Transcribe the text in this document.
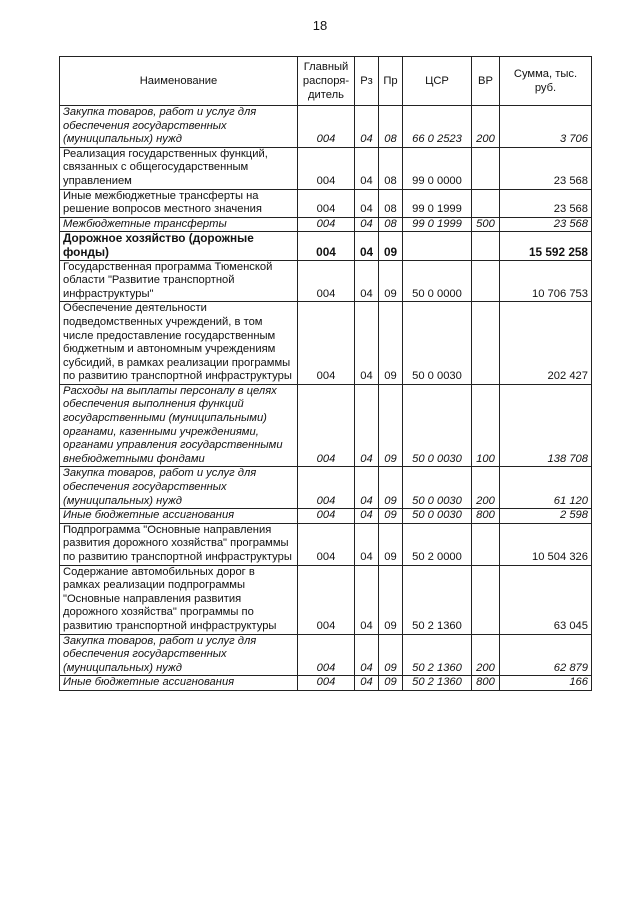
18
Наименование	Главный распоря-дитель	Рз	Пр	ЦСР	ВР	Сумма, тыс. руб.
Закупка товаров, работ и услуг для обеспечения государственных (муниципальных) нужд	004	04	08	66 0 2523	200	3 706
Реализация государственных функций, связанных с общегосударственным управлением	004	04	08	99 0 0000		23 568
Иные межбюджетные трансферты на решение вопросов местного значения	004	04	08	99 0 1999		23 568
Межбюджетные трансферты	004	04	08	99 0 1999	500	23 568
Дорожное хозяйство (дорожные фонды)	004	04	09			15 592 258
Государственная программа Тюменской области "Развитие транспортной инфраструктуры"	004	04	09	50 0 0000		10 706 753
Обеспечение деятельности подведомственных учреждений, в том числе предоставление государственным бюджетным и автономным учреждениям субсидий, в рамках реализации программы по развитию транспортной инфраструктуры	004	04	09	50 0 0030		202 427
Расходы на выплаты персоналу в целях обеспечения выполнения функций государственными (муниципальными) органами, казенными учреждениями, органами управления государственными внебюджетными фондами	004	04	09	50 0 0030	100	138 708
Закупка товаров, работ и услуг для обеспечения государственных (муниципальных) нужд	004	04	09	50 0 0030	200	61 120
Иные бюджетные ассигнования	004	04	09	50 0 0030	800	2 598
Подпрограмма "Основные направления развития дорожного хозяйства" программы по развитию транспортной инфраструктуры	004	04	09	50 2 0000		10 504 326
Содержание автомобильных дорог в рамках реализации подпрограммы "Основные направления развития дорожного хозяйства" программы по развитию транспортной инфраструктуры	004	04	09	50 2 1360		63 045
Закупка товаров, работ и услуг для обеспечения государственных (муниципальных) нужд	004	04	09	50 2 1360	200	62 879
Иные бюджетные ассигнования	004	04	09	50 2 1360	800	166
